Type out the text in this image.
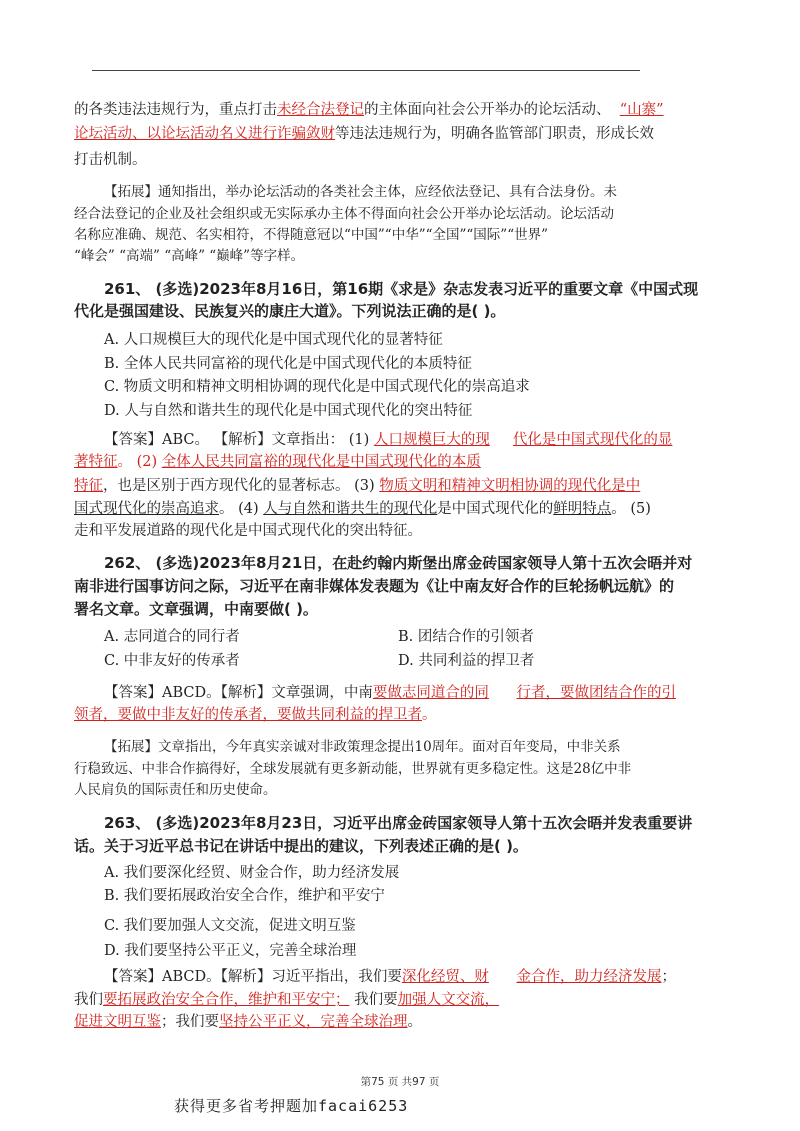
的各类违法违规行为，重点打击未经合法登记的主体面向社会公开举办的论坛活动、 “山寨”
论坛活动、以论坛活动名义进行诈骗敛财等违法违规行为，明确各监管部门职责，形成长效
打击机制。
【拓展】通知指出，举办论坛活动的各类社会主体，应经依法登记、具有合法身份。未
经合法登记的企业及社会组织或无实际承办主体不得面向社会公开举办论坛活动。论坛活动
名称应准确、规范、名实相符，不得随意冠以“中国”“中华”“全国”“国际”“世界”
“峰会” “高端” “高峰” “巅峰”等字样。
261、 (多选)2023年8月16日，第16期《求是》杂志发表习近平的重要文章《中国式现
代化是强国建设、民族复兴的康庄大道》。下列说法正确的是( )。
A. 人口规模巨大的现代化是中国式现代化的显著特征
B. 全体人民共同富裕的现代化是中国式现代化的本质特征
C. 物质文明和精神文明相协调的现代化是中国式现代化的崇高追求
D. 人与自然和谐共生的现代化是中国式现代化的突出特征
【答案】ABC。 【解析】文章指出： (1) 人口规模巨大的现 代化是中国式现代化的显
著特征。 (2) 全体人民共同富裕的现代化是中国式现代化的本质
特征，也是区别于西方现代化的显著标志。 (3) 物质文明和精神文明相协调的现代化是中
国式现代化的崇高追求。 (4) 人与自然和谐共生的现代化是中国式现代化的鲜明特点。 (5)
走和平发展道路的现代化是中国式现代化的突出特征。
262、 (多选)2023年8月21日，在赴约翰内斯堡出席金砖国家领导人第十五次会晤并对
南非进行国事访问之际，习近平在南非媒体发表题为《让中南友好合作的巨轮扬帆远航》的
署名文章。文章强调，中南要做( )。
A. 志同道合的同行者	B. 团结合作的引领者
C. 中非友好的传承者	D. 共同利益的捍卫者
【答案】ABCD。【解析】文章强调，中南要做志同道合的同 行者，要做团结合作的引
领者，要做中非友好的传承者，要做共同利益的捍卫者。
【拓展】文章指出，今年真实亲诚对非政策理念提出10周年。面对百年变局，中非关系
行稳致远、中非合作搞得好，全球发展就有更多新动能，世界就有更多稳定性。这是28亿中非
人民肩负的国际责任和历史使命。
263、 (多选)2023年8月23日，习近平出席金砖国家领导人第十五次会晤并发表重要讲
话。关于习近平总书记在讲话中提出的建议，下列表述正确的是( )。
A. 我们要深化经贸、财金合作，助力经济发展
B. 我们要拓展政治安全合作，维护和平安宁
C. 我们要加强人文交流，促进文明互鉴
D. 我们要坚持公平正义，完善全球治理
【答案】ABCD。【解析】习近平指出，我们要深化经贸、财 金合作，助力经济发展；
我们要拓展政治安全合作，维护和平安宁； 我们要加强人文交流，
促进文明互鉴；我们要坚持公平正义，完善全球治理。
第75 页 共97 页
获得更多省考押题加facai6253
